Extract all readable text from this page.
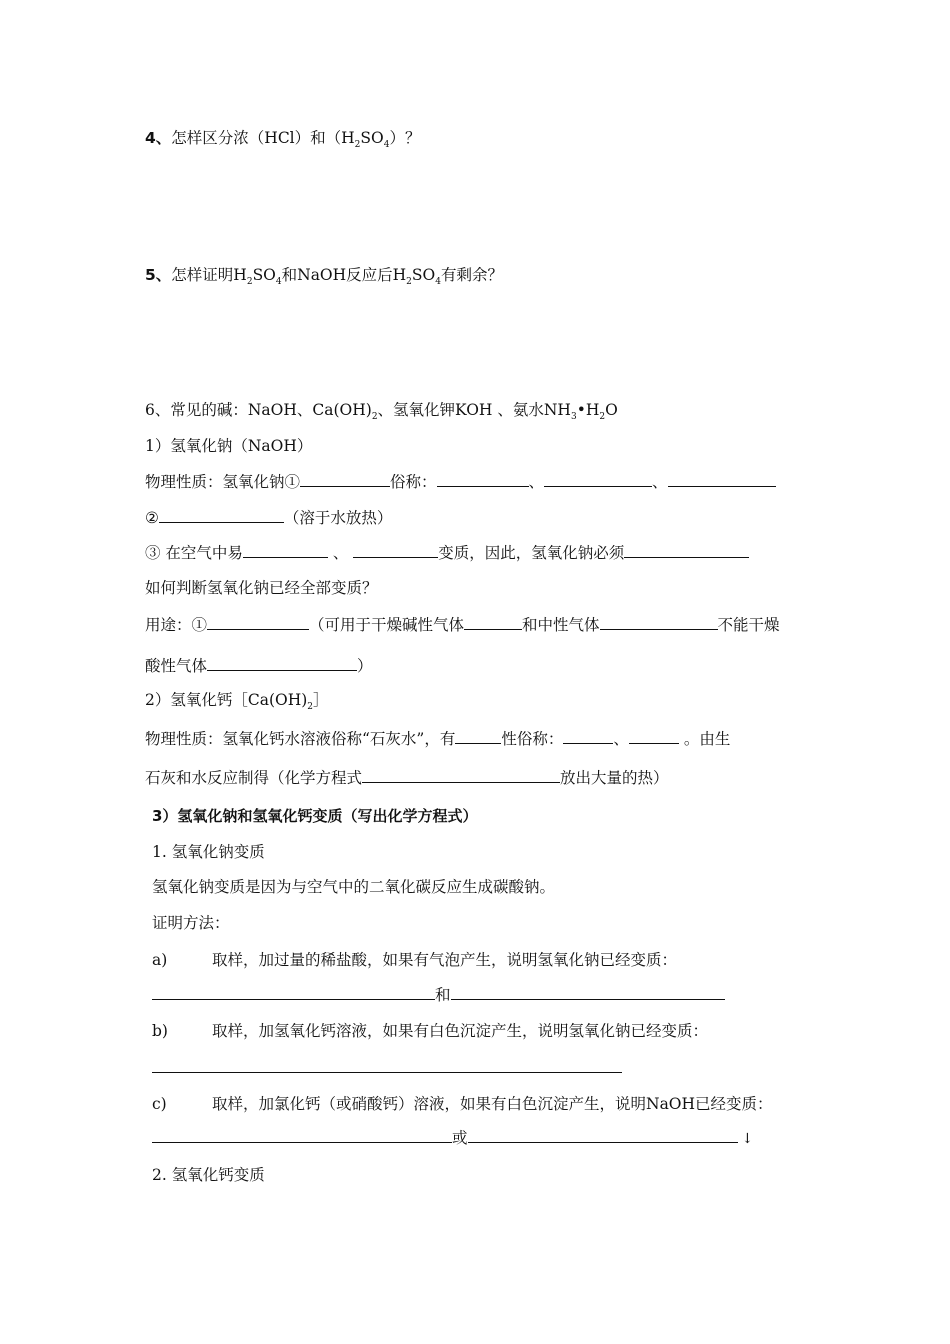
4、怎样区分浓（HCl）和$(H_2SO_4)$？
5、怎样证明$H_2SO_4$和NaOH反应后$H_2SO_4$有剩余？
6、常见的碱：NaOH、$Ca(OH)_2$、氢氧化钾KOH 、氨水$NH_3•H_2O$
1）氢氧化钠（NaOH）
物理性质：氢氧化钠①	俗称：	、	、
②	（溶于水放热）
③ 在空气中易	、	变质，因此，氢氧化钠必须
如何判断氢氧化钠已经全部变质？
用途：①	（可用于干燥碱性气体	和中性气体	不能干燥
酸性气体	）
2）氢氧化钙$[Ca(OH)_2]$
物理性质：氢氧化钙水溶液俗称“石灰水”，有	性俗称：	、	。由生
石灰和水反应制得（化学方程式	放出大量的热）
3）氢氧化钠和氢氧化钙变质（写出化学方程式）
1. 氢氧化钠变质
氢氧化钠变质是因为与空气中的二氧化碳反应生成碳酸钠。
证明方法：
a)	取样，加过量的稀盐酸，如果有气泡产生，说明氢氧化钠已经变质：
和
b)	取样，加氢氧化钙溶液，如果有白色沉淀产生，说明氢氧化钠已经变质：
c)	取样，加氯化钙（或硝酸钙）溶液，如果有白色沉淀产生，说明NaOH已经变质：
或	↓
2. 氢氧化钙变质
